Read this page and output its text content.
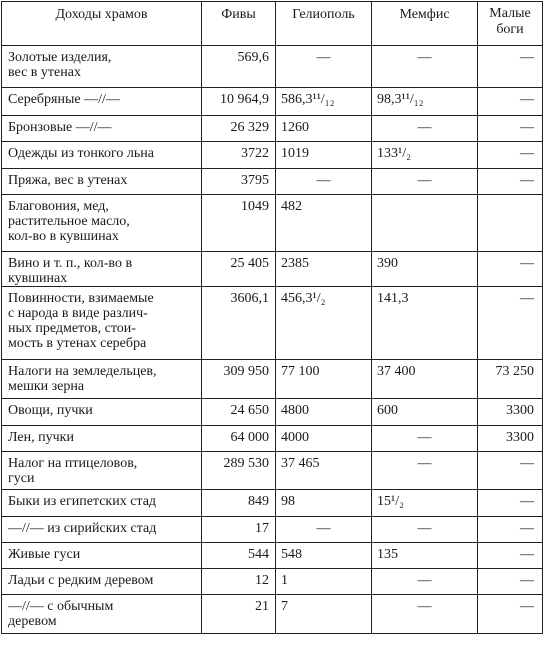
Доходы храмов	Фивы	Гелиополь	Мемфис	Малые
боги

Золотые изделия,
вес в утенах	569,6	—	—	—

Серебряные —//—	10 964,9	586,3¹¹/₁₂	98,3¹¹/₁₂	—

Бронзовые —//—	26 329	1260	—	—

Одежды из тонкого льна	3722	1019	133¹/₂	—

Пряжа, вес в утенах	3795	—	—	—

Благовония, мед,
растительное масло,
кол-во в кувшинах	1049	482		

Вино и т. п., кол-во в
кувшинах	25 405	2385	390	—

Повинности, взимаемые
с народа в виде различ-
ных предметов, стои-
мость в утенах серебра	3606,1	456,3¹/₂	141,3	—

Налоги на земледельцев,
мешки зерна	309 950	77 100	37 400	73 250

Овощи, пучки	24 650	4800	600	3300

Лен, пучки	64 000	4000	—	3300

Налог на птицеловов,
гуси	289 530	37 465	—	—

Быки из египетских стад	849	98	15¹/₂	—

—//— из сирийских стад	17	—	—	—

Живые гуси	544	548	135	—

Ладьи с редким деревом	12	1	—	—

—//— с обычным
деревом	21	7	—	—
